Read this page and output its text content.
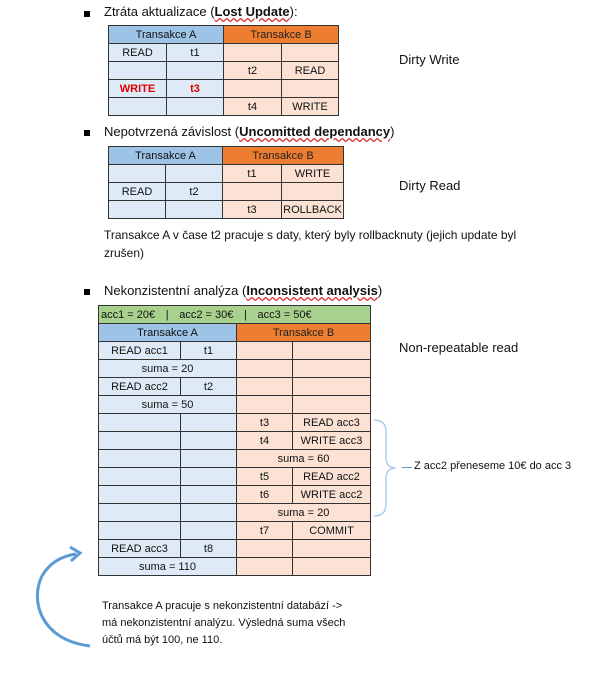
Ztráta aktualizace (Lost Update):
Transakce A		Transakce B	
READ	t1		
		t2	READ
WRITE	t3		
		t4	WRITE
Dirty Write
Nepotvrzená závislost (Uncomitted dependancy)
Transakce A		Transakce B	
		t1	WRITE
READ	t2		
		t3	ROLLBACK
Dirty Read
Transakce A v čase t2 pracuje s daty, který byly rollbacknuty (jejich update byl
zrušen)
Nekonzistentní analýza (Inconsistent analysis)
acc1 = 20€ | acc2 = 30€ | acc3 = 50€			
Transakce A		Transakce B	
READ acc1	t1		
suma = 20			
READ acc2	t2		
suma = 50			
		t3	READ acc3
		t4	WRITE acc3
		suma = 60	
		t5	READ acc2
		t6	WRITE acc2
		suma = 20	
		t7	COMMIT
READ acc3	t8		
suma = 110			
Non-repeatable read
Z acc2 přeneseme 10€ do acc 3
Transakce A pracuje s nekonzistentní databází ->
má nekonzistentní analýzu. Výsledná suma všech
účtů má být 100, ne 110.
